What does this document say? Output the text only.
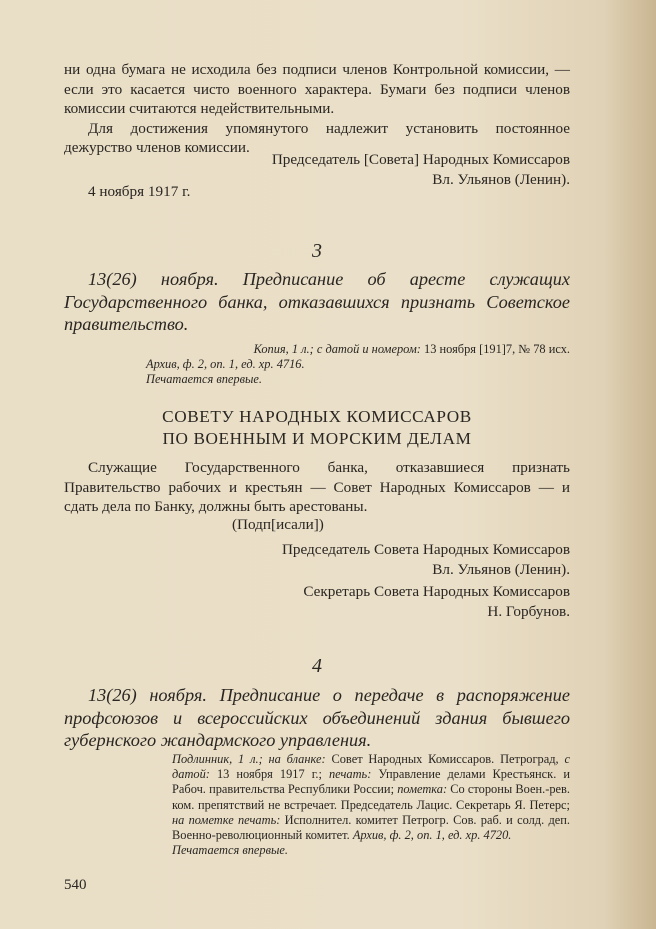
ни одна бумага не исходила без подписи членов Контрольной комиссии, — если это касается чисто военного характера. Бумаги без подписи членов комиссии считаются недействительными.

Для достижения упомянутого надлежит установить постоянное дежурство членов комиссии.

Председатель [Совета] Народных Комиссаров

Вл. Ульянов (Ленин).

4 ноября 1917 г.
3
13(26) ноября. Предписание об аресте служащих Государственного банка, отказавшихся признать Советское правительство.

Копия, 1 л.; с датой и номером: 13 ноября [191]7, № 78 исх.

Архив, ф. 2, оп. 1, ед. хр. 4716.

Печатается впервые.

СОВЕТУ НАРОДНЫХ КОМИССАРОВ

ПО ВОЕННЫМ И МОРСКИМ ДЕЛАМ

Служащие Государственного банка, отказавшиеся признать Правительство рабочих и крестьян — Совет Народных Комиссаров — и сдать дела по Банку, должны быть арестованы.
(Подп[исали])

Председатель Совета Народных Комиссаров

Вл. Ульянов (Ленин).

Секретарь Совета Народных Комиссаров

Н. Горбунов.

4
13(26) ноября. Предписание о передаче в распоряжение профсоюзов и всероссийских объединений здания бывшего губернского жандармского управления.

Подлинник, 1 л.; на бланке: Совет Народных Комиссаров. Петроград, с датой: 13 ноября 1917 г.; печать: Управление делами Крестьянск. и Рабоч. правительства Республики России; пометка: Со стороны Воен.-рев. ком. препятствий не встречает. Председатель Лацис. Секретарь Я. Петерс; на пометке печать: Исполнител. комитет Петрогр. Сов. раб. и солд. деп. Военно-революционный комитет. Архив, ф. 2, оп. 1, ед. хр. 4720.

Печатается впервые.

540
